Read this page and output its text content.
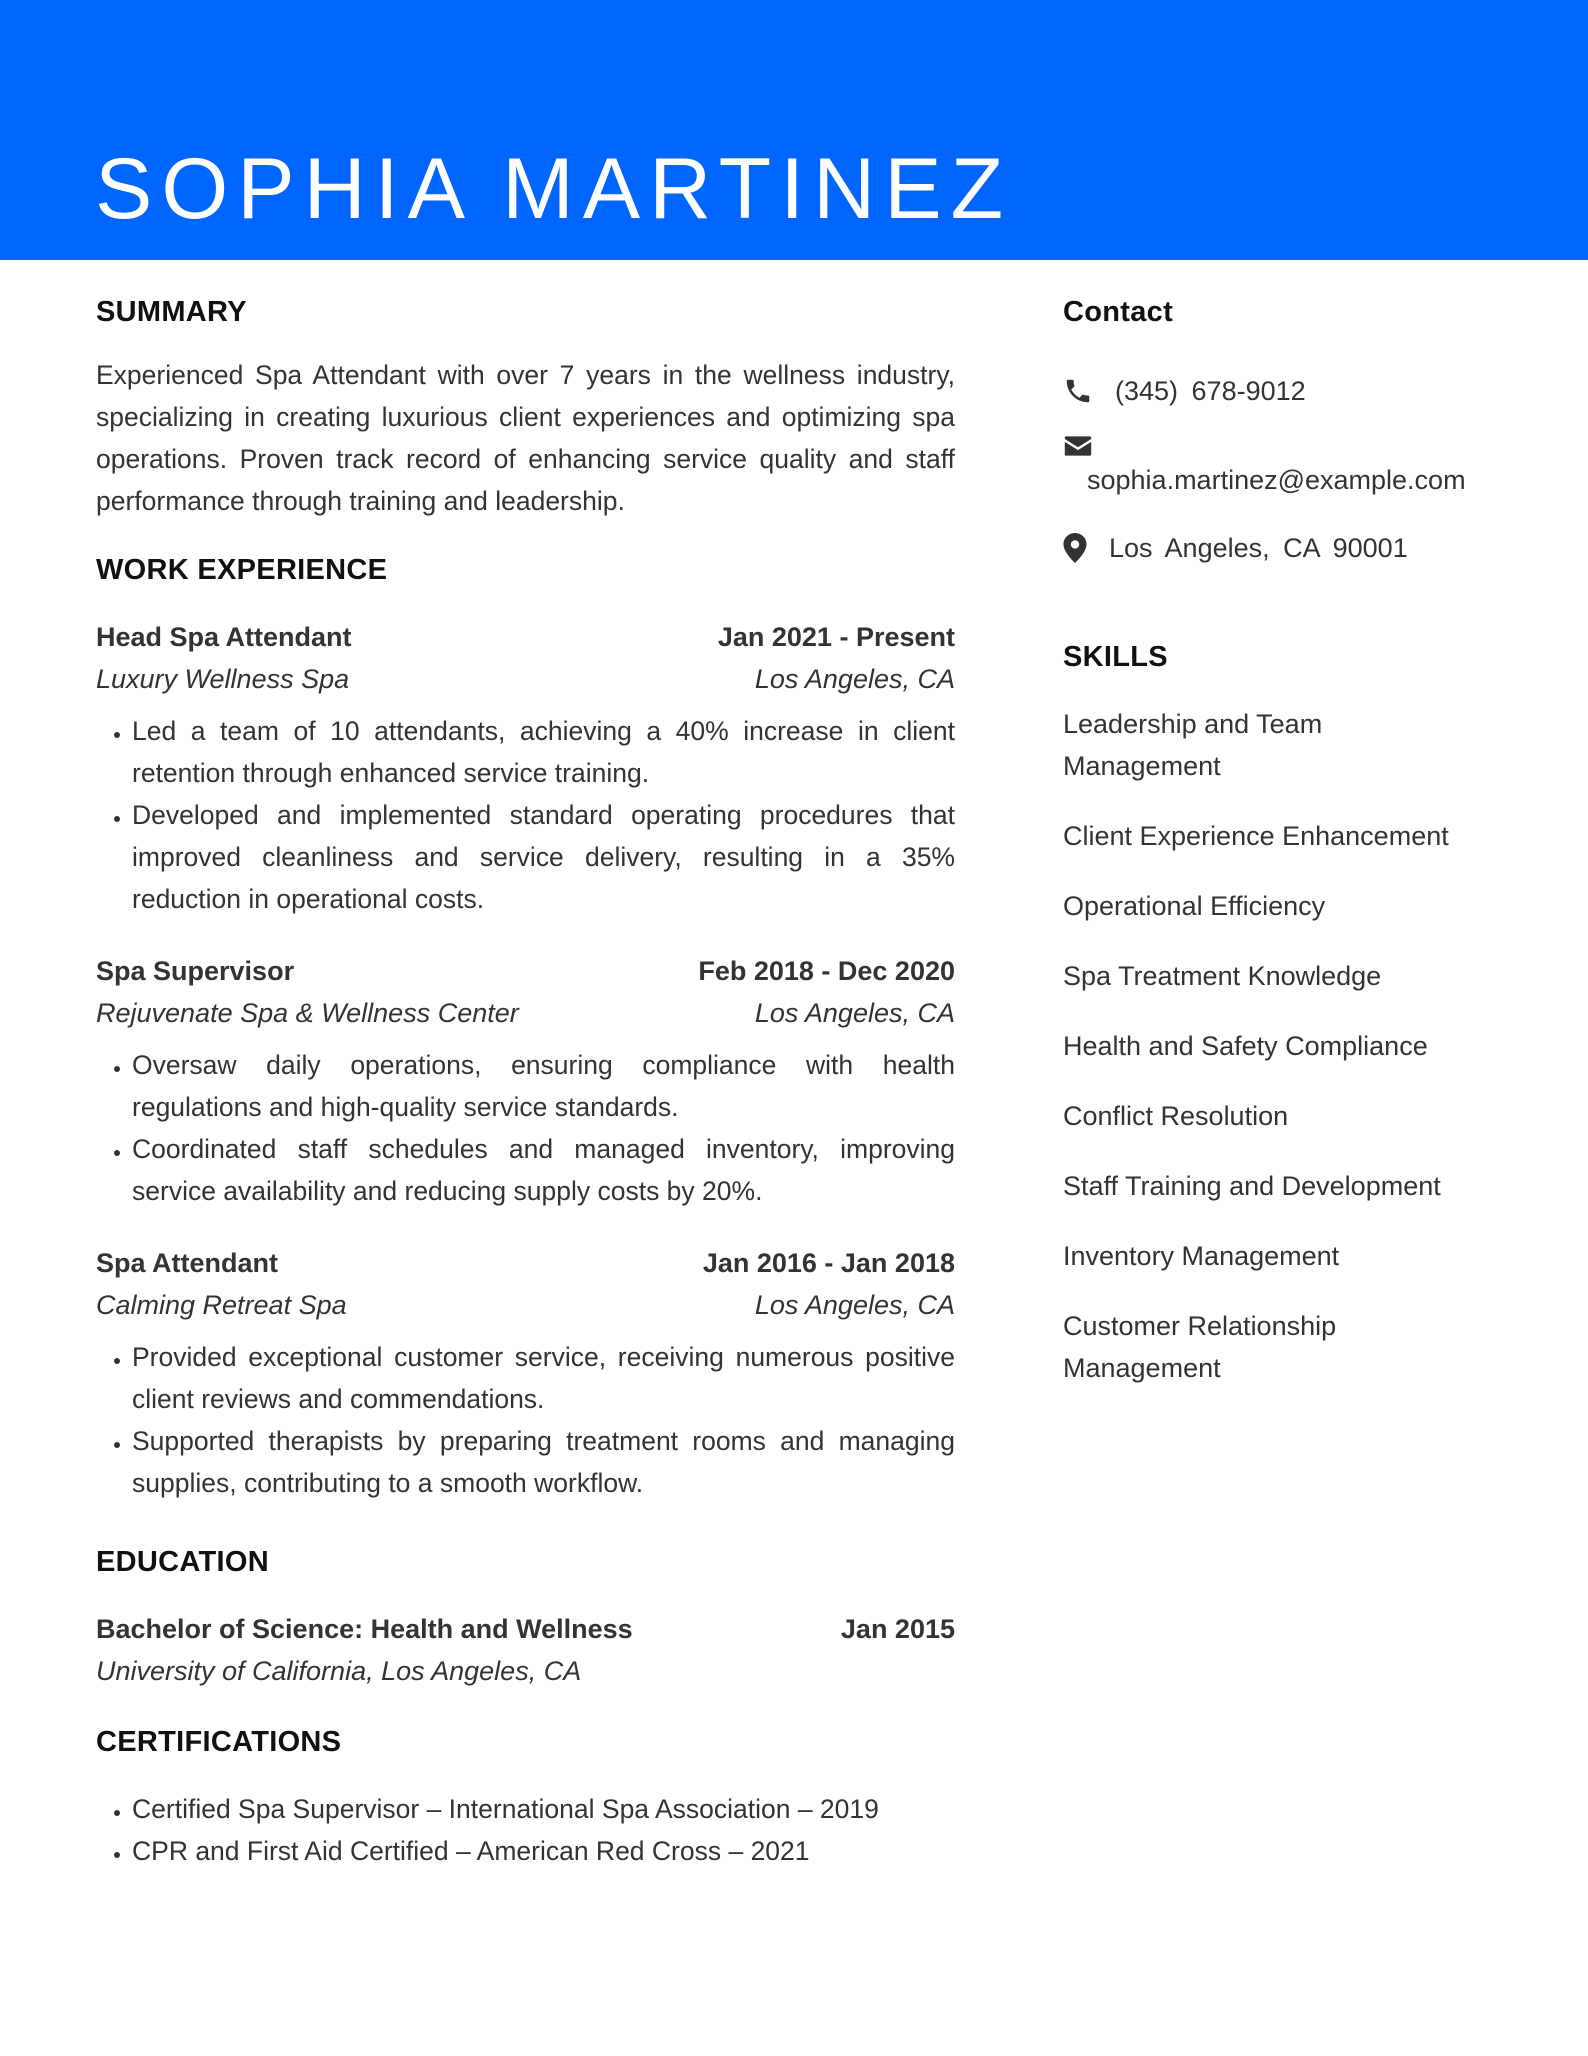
SOPHIA MARTINEZ
SUMMARY

Experienced Spa Attendant with over 7 years in the wellness industry, specializing in creating luxurious client experiences and optimizing spa operations. Proven track record of enhancing service quality and staff performance through training and leadership.

WORK EXPERIENCE
Head Spa Attendant	Jan 2021 - Present
Luxury Wellness Spa	Los Angeles, CA
• Led a team of 10 attendants, achieving a 40% increase in client retention through enhanced service training.
• Developed and implemented standard operating procedures that improved cleanliness and service delivery, resulting in a 35% reduction in operational costs.
Spa Supervisor	Feb 2018 - Dec 2020
Rejuvenate Spa & Wellness Center	Los Angeles, CA
• Oversaw daily operations, ensuring compliance with health regulations and high-quality service standards.
• Coordinated staff schedules and managed inventory, improving service availability and reducing supply costs by 20%.
Spa Attendant	Jan 2016 - Jan 2018
Calming Retreat Spa	Los Angeles, CA
• Provided exceptional customer service, receiving numerous positive client reviews and commendations.
• Supported therapists by preparing treatment rooms and managing supplies, contributing to a smooth workflow.
EDUCATION
Bachelor of Science: Health and Wellness	Jan 2015
University of California, Los Angeles, CA
CERTIFICATIONS
• Certified Spa Supervisor – International Spa Association – 2019
• CPR and First Aid Certified – American Red Cross – 2021
Contact
(345) 678-9012
sophia.martinez@example.com
Los Angeles, CA 90001
SKILLS
Leadership and Team Management
Client Experience Enhancement
Operational Efficiency
Spa Treatment Knowledge
Health and Safety Compliance
Conflict Resolution
Staff Training and Development
Inventory Management
Customer Relationship Management
